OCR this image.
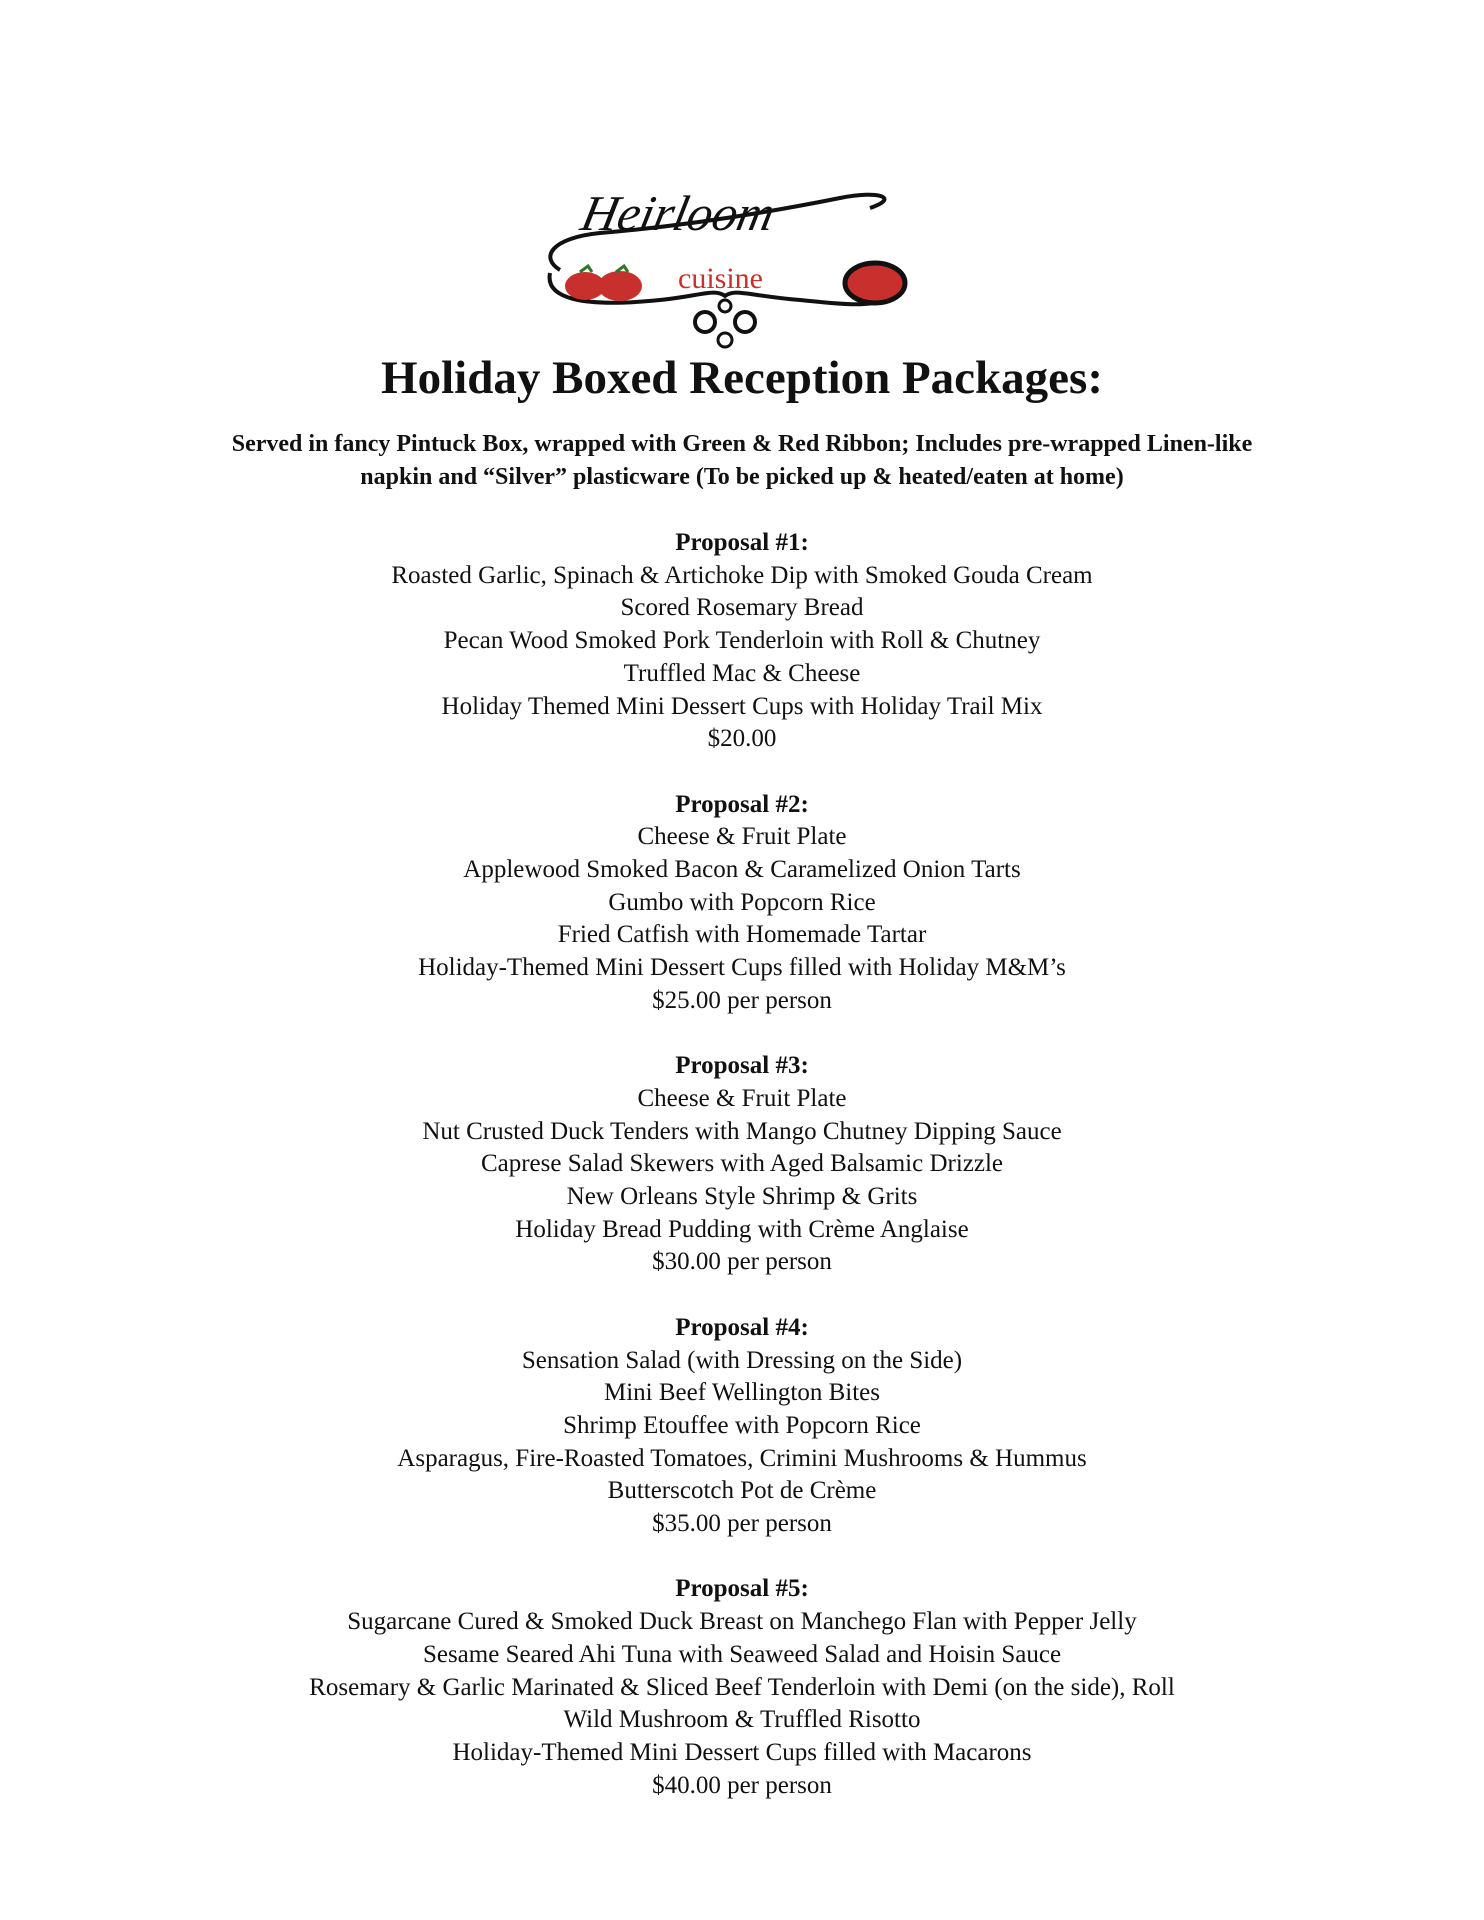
Heirloom
cuisine
Holiday Boxed Reception Packages:
Served in fancy Pintuck Box, wrapped with Green & Red Ribbon; Includes pre-wrapped Linen-like
napkin and “Silver” plasticware (To be picked up & heated/eaten at home)
Proposal #1:
Roasted Garlic, Spinach & Artichoke Dip with Smoked Gouda Cream
Scored Rosemary Bread
Pecan Wood Smoked Pork Tenderloin with Roll & Chutney
Truffled Mac & Cheese
Holiday Themed Mini Dessert Cups with Holiday Trail Mix
$20.00
Proposal #2:
Cheese & Fruit Plate
Applewood Smoked Bacon & Caramelized Onion Tarts
Gumbo with Popcorn Rice
Fried Catfish with Homemade Tartar
Holiday-Themed Mini Dessert Cups filled with Holiday M&M’s
$25.00 per person
Proposal #3:
Cheese & Fruit Plate
Nut Crusted Duck Tenders with Mango Chutney Dipping Sauce
Caprese Salad Skewers with Aged Balsamic Drizzle
New Orleans Style Shrimp & Grits
Holiday Bread Pudding with Crème Anglaise
$30.00 per person
Proposal #4:
Sensation Salad (with Dressing on the Side)
Mini Beef Wellington Bites
Shrimp Etouffee with Popcorn Rice
Asparagus, Fire-Roasted Tomatoes, Crimini Mushrooms & Hummus
Butterscotch Pot de Crème
$35.00 per person
Proposal #5:
Sugarcane Cured & Smoked Duck Breast on Manchego Flan with Pepper Jelly
Sesame Seared Ahi Tuna with Seaweed Salad and Hoisin Sauce
Rosemary & Garlic Marinated & Sliced Beef Tenderloin with Demi (on the side), Roll
Wild Mushroom & Truffled Risotto
Holiday-Themed Mini Dessert Cups filled with Macarons
$40.00 per person
